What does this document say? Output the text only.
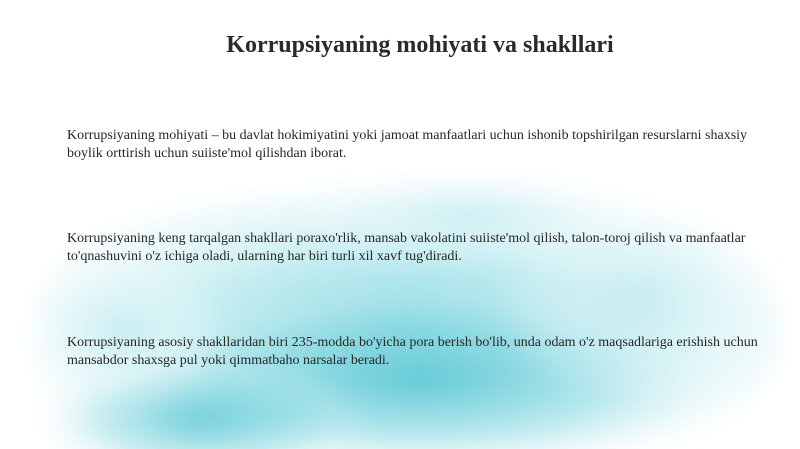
Korrupsiyaning mohiyati va shakllari

Korrupsiyaning mohiyati – bu davlat hokimiyatini yoki jamoat manfaatlari uchun ishonib topshirilgan resurslarni shaxsiy boylik orttirish uchun suiiste'mol qilishdan iborat.

Korrupsiyaning keng tarqalgan shakllari poraxo'rlik, mansab vakolatini suiiste'mol qilish, talon-toroj qilish va manfaatlar to'qnashuvini o'z ichiga oladi, ularning har biri turli xil xavf tug'diradi.

Korrupsiyaning asosiy shakllaridan biri 235-modda bo'yicha pora berish bo'lib, unda odam o'z maqsadlariga erishish uchun mansabdor shaxsga pul yoki qimmatbaho narsalar beradi.
